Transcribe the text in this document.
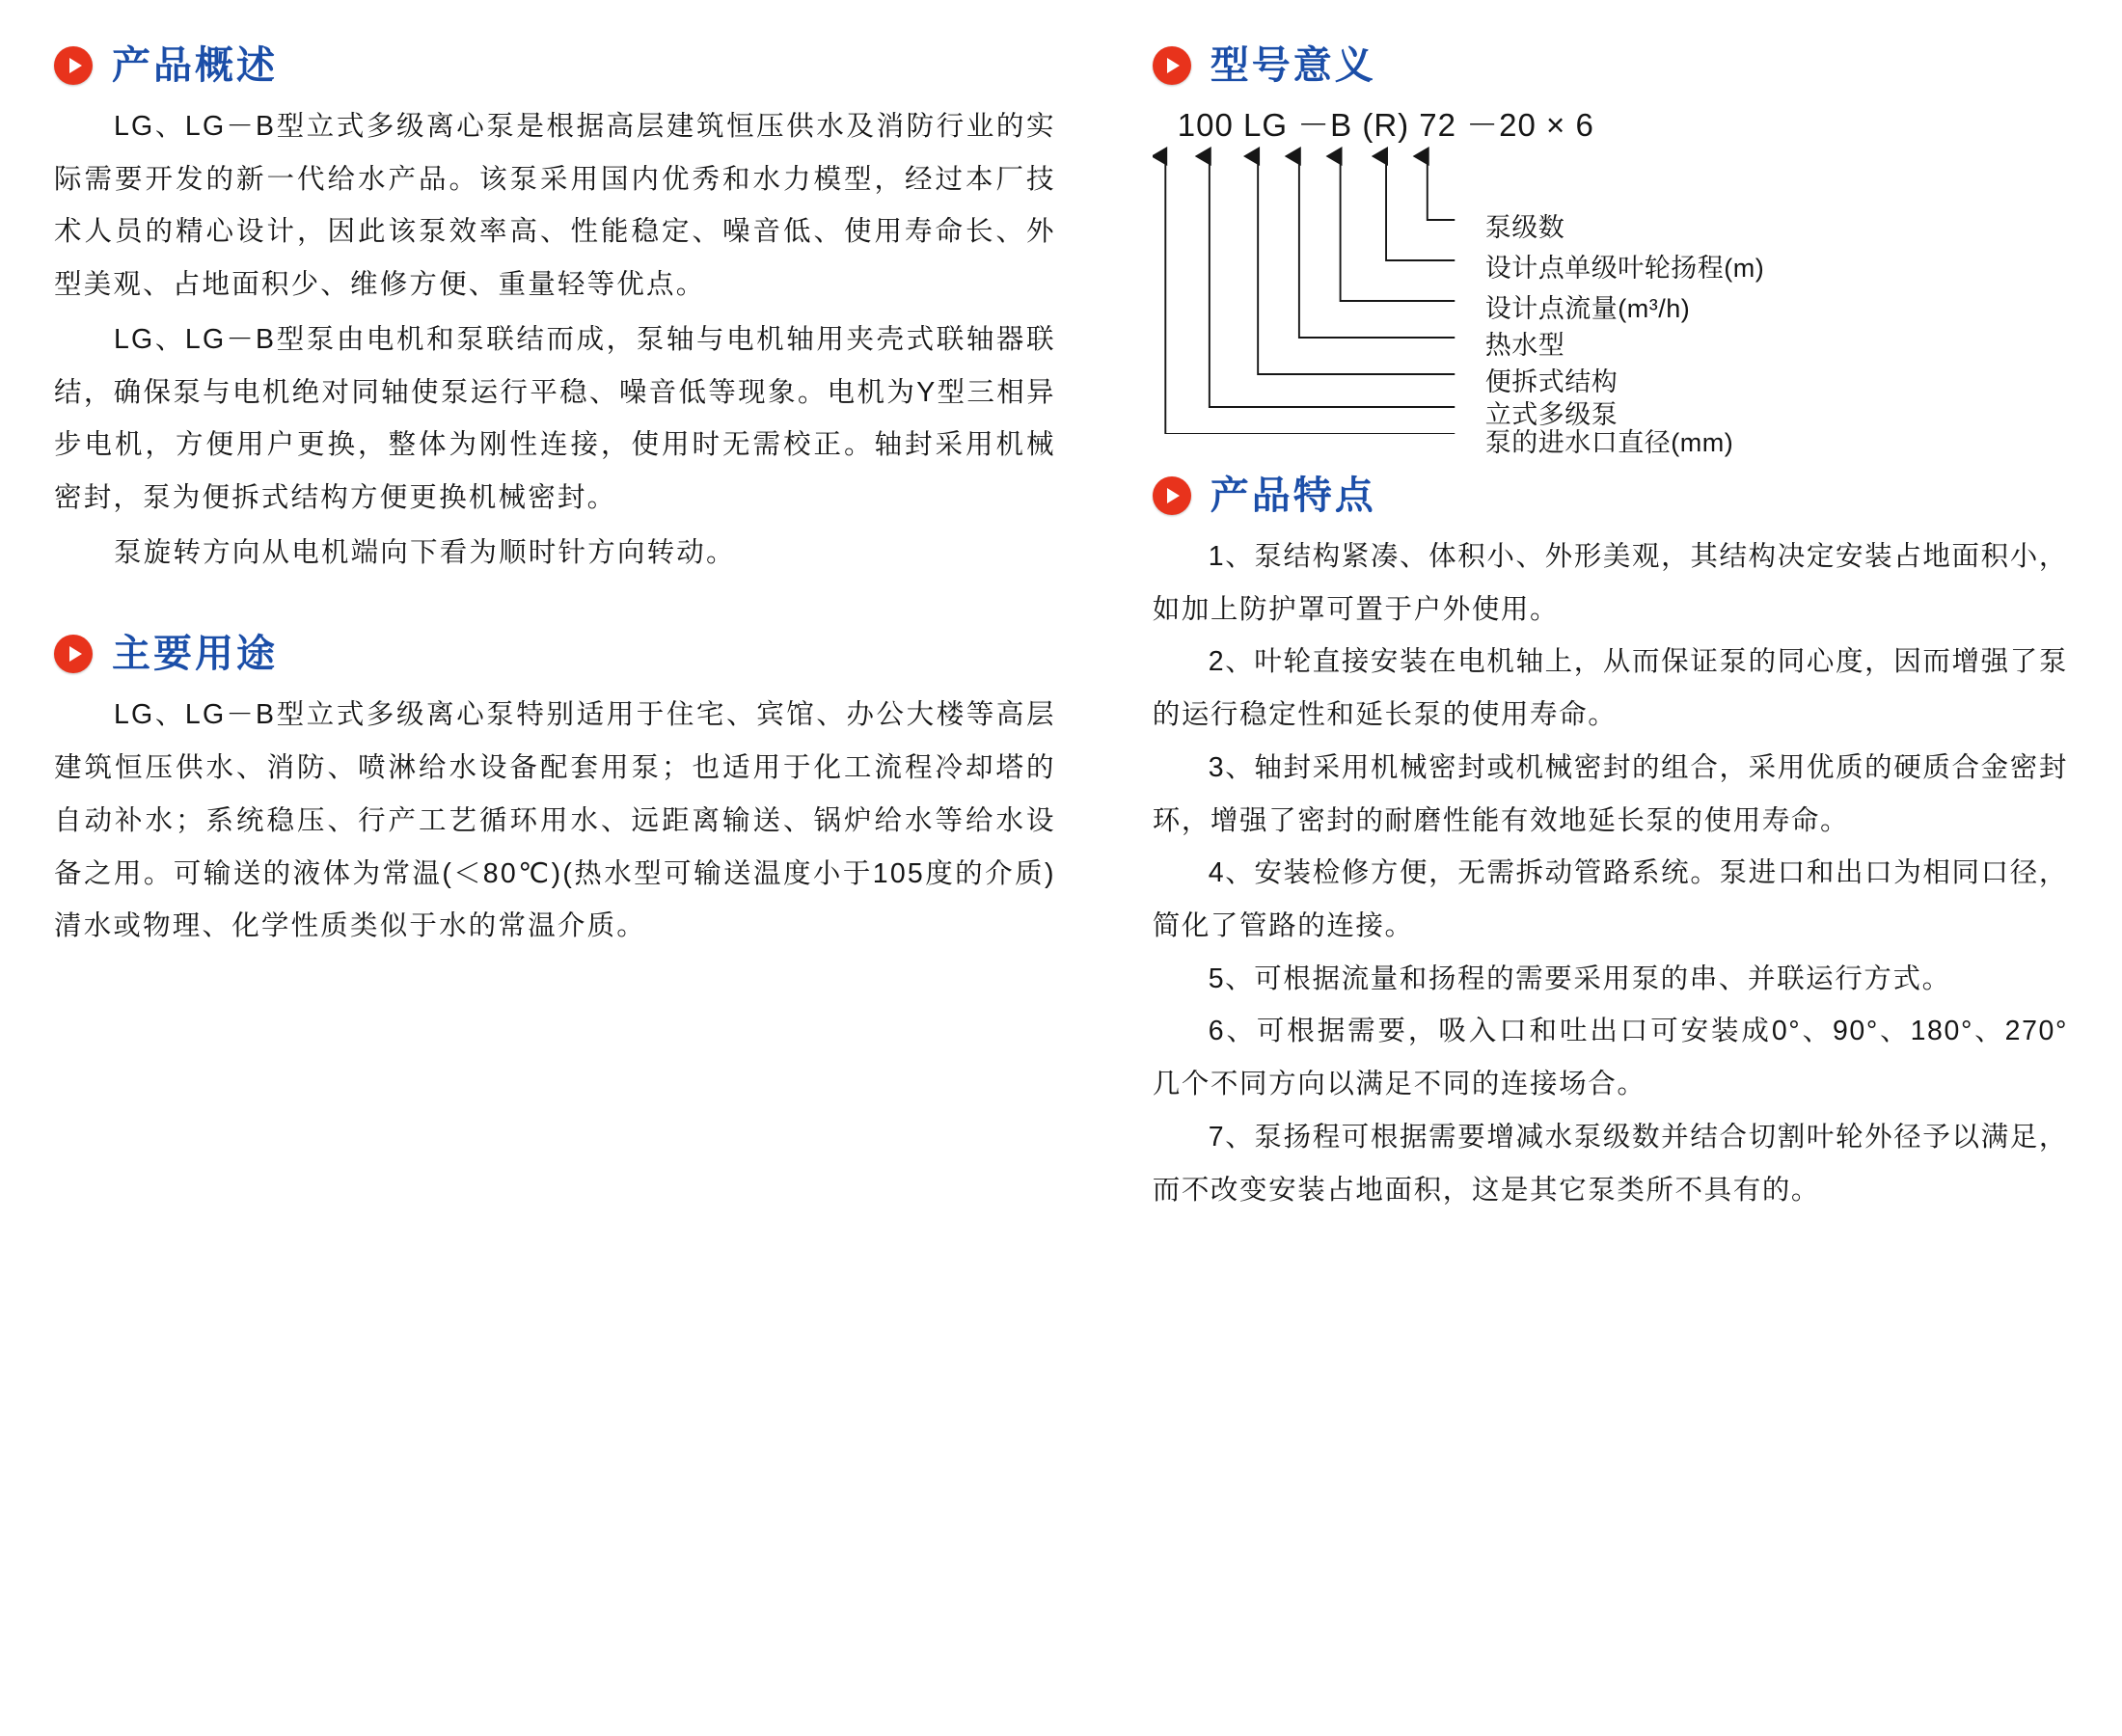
产品概述

LG、LG－B型立式多级离心泵是根据高层建筑恒压供水及消防行业的实际需要开发的新一代给水产品。该泵采用国内优秀和水力模型，经过本厂技术人员的精心设计，因此该泵效率高、性能稳定、噪音低、使用寿命长、外型美观、占地面积少、维修方便、重量轻等优点。

LG、LG－B型泵由电机和泵联结而成，泵轴与电机轴用夹壳式联轴器联结，确保泵与电机绝对同轴使泵运行平稳、噪音低等现象。电机为Y型三相异步电机，方便用户更换，整体为刚性连接，使用时无需校正。轴封采用机械密封，泵为便拆式结构方便更换机械密封。

泵旋转方向从电机端向下看为顺时针方向转动。

主要用途

LG、LG－B型立式多级离心泵特别适用于住宅、宾馆、办公大楼等高层建筑恒压供水、消防、喷淋给水设备配套用泵；也适用于化工流程冷却塔的自动补水；系统稳压、行产工艺循环用水、远距离输送、锅炉给水等给水设备之用。可输送的液体为常温(＜80℃)(热水型可输送温度小于105度的介质)清水或物理、化学性质类似于水的常温介质。

型号意义
100 LG －B (R) 72 －20 × 6
泵级数
设计点单级叶轮扬程(m)
设计点流量(m³/h)
热水型
便拆式结构
立式多级泵
泵的进水口直径(mm)
产品特点

1、泵结构紧凑、体积小、外形美观，其结构决定安装占地面积小，如加上防护罩可置于户外使用。

2、叶轮直接安装在电机轴上，从而保证泵的同心度，因而增强了泵的运行稳定性和延长泵的使用寿命。

3、轴封采用机械密封或机械密封的组合，采用优质的硬质合金密封环，增强了密封的耐磨性能有效地延长泵的使用寿命。

4、安装检修方便，无需拆动管路系统。泵进口和出口为相同口径，简化了管路的连接。

5、可根据流量和扬程的需要采用泵的串、并联运行方式。

6、可根据需要，吸入口和吐出口可安装成0°、90°、180°、270° 几个不同方向以满足不同的连接场合。

7、泵扬程可根据需要增减水泵级数并结合切割叶轮外径予以满足，而不改变安装占地面积，这是其它泵类所不具有的。
